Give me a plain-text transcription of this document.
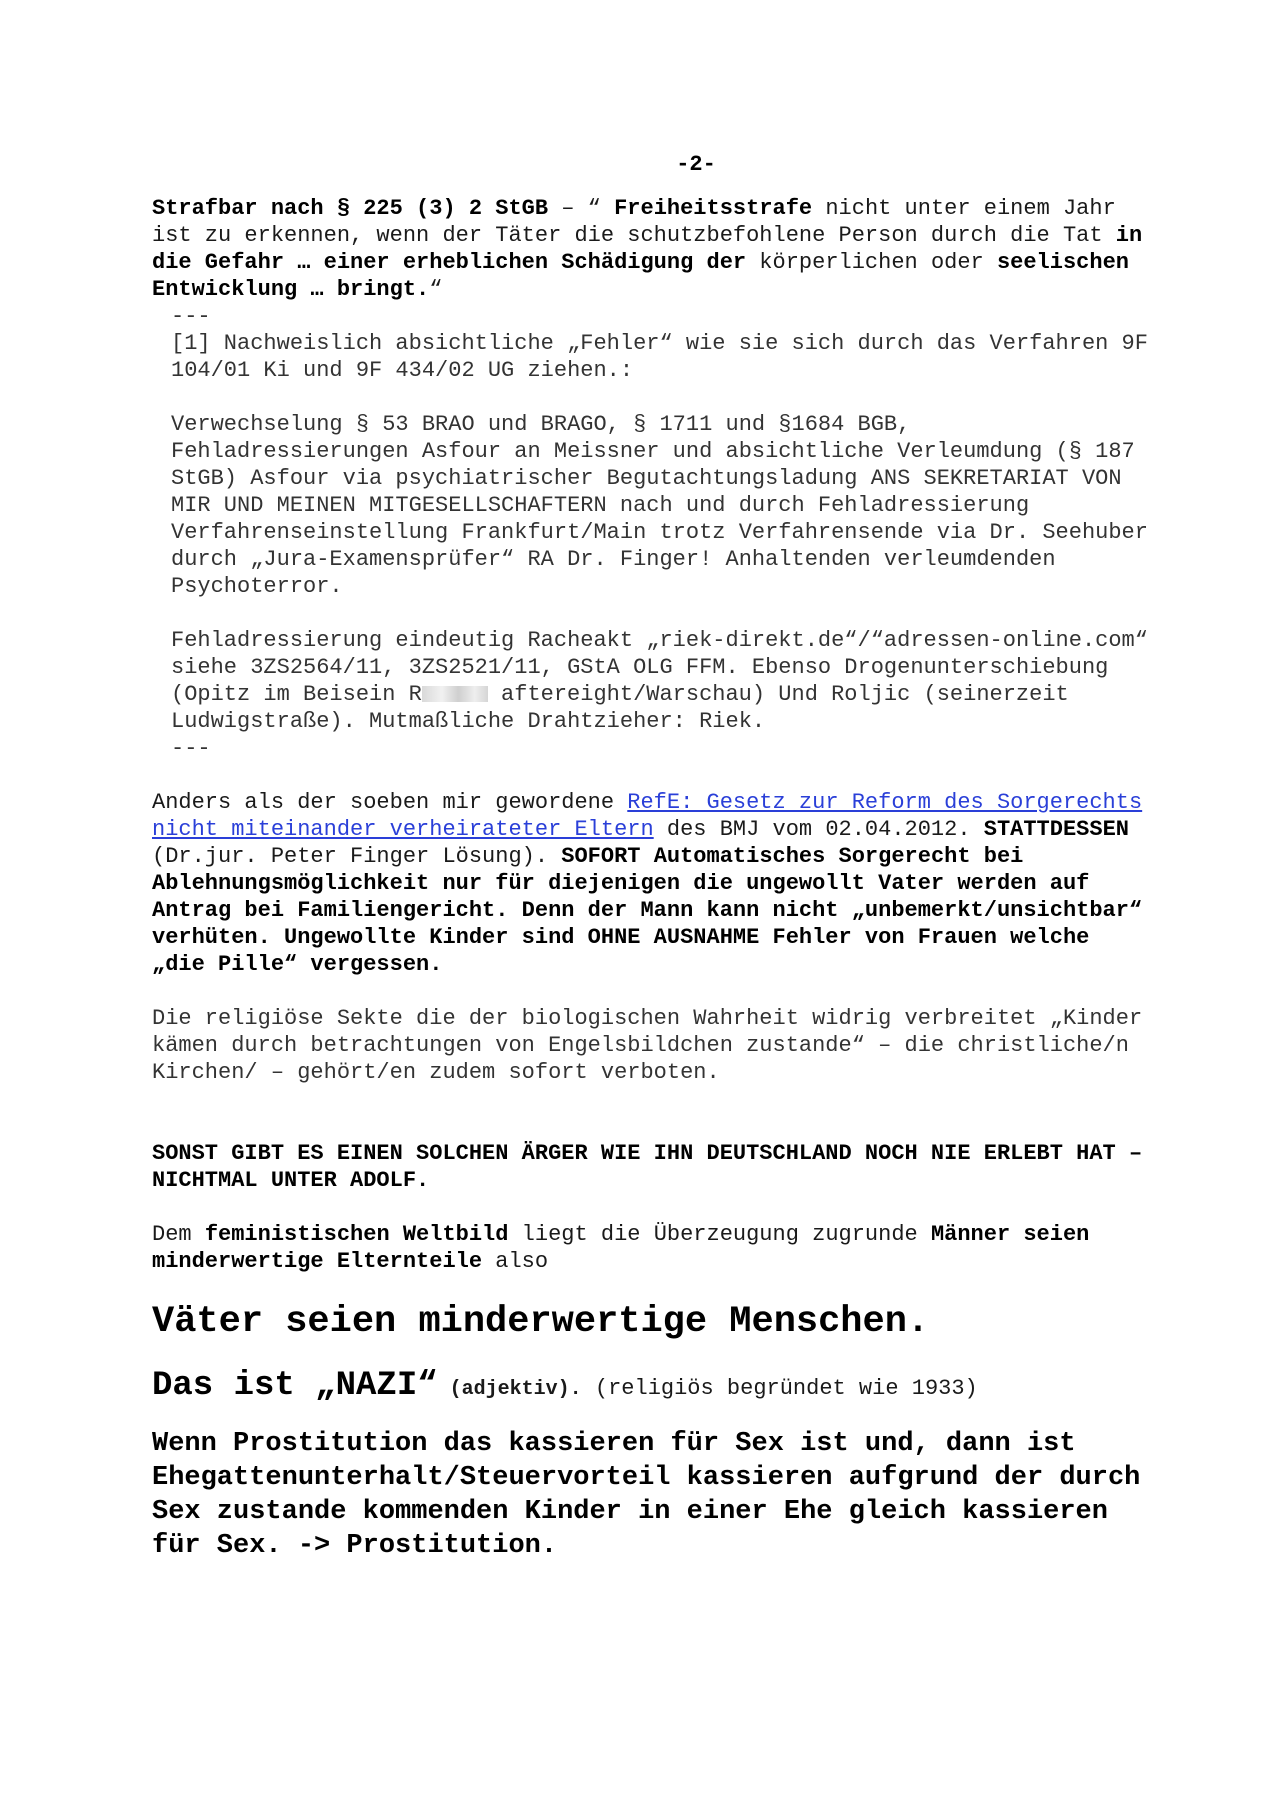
-2-

Strafbar nach § 225 (3) 2 StGB – “ Freiheitsstrafe nicht unter einem Jahr ist zu erkennen, wenn der Täter die schutzbefohlene Person durch die Tat in die Gefahr … einer erheblichen Schädigung der körperlichen oder seelischen Entwicklung … bringt.“

---

[1] Nachweislich absichtliche „Fehler“ wie sie sich durch das Verfahren 9F 104/01 Ki und 9F 434/02 UG ziehen.:

Verwechselung § 53 BRAO und BRAGO, § 1711 und §1684 BGB, Fehladressierungen Asfour an Meissner und absichtliche Verleumdung (§ 187 StGB) Asfour via psychiatrischer Begutachtungsladung ANS SEKRETARIAT VON MIR UND MEINEN MITGESELLSCHAFTERN nach und durch Fehladressierung Verfahrenseinstellung Frankfurt/Main trotz Verfahrensende via Dr. Seehuber durch „Jura-Examensprüfer“ RA Dr. Finger! Anhaltenden verleumdenden Psychoterror.

Fehladressierung eindeutig Racheakt „riek-direkt.de“/“adressen-online.com“ siehe 3ZS2564/11, 3ZS2521/11, GStA OLG FFM. Ebenso Drogenunterschiebung (Opitz im Beisein R	aftereight/Warschau) Und Roljic (seinerzeit Ludwigstraße). Mutmaßliche Drahtzieher: Riek.

---

Anders als der soeben mir gewordene RefE: Gesetz zur Reform des Sorgerechts nicht miteinander verheirateter Eltern des BMJ vom 02.04.2012. STATTDESSEN (Dr.jur. Peter Finger Lösung). SOFORT Automatisches Sorgerecht bei Ablehnungsmöglichkeit nur für diejenigen die ungewollt Vater werden auf Antrag bei Familiengericht. Denn der Mann kann nicht „unbemerkt/unsichtbar“ verhüten. Ungewollte Kinder sind OHNE AUSNAHME Fehler von Frauen welche „die Pille“ vergessen.

Die religiöse Sekte die der biologischen Wahrheit widrig verbreitet „Kinder kämen durch betrachtungen von Engelsbildchen zustande“ – die christliche/n Kirchen/ – gehört/en zudem sofort verboten.

SONST GIBT ES EINEN SOLCHEN ÄRGER WIE IHN DEUTSCHLAND NOCH NIE ERLEBT HAT – NICHTMAL UNTER ADOLF.

Dem feministischen Weltbild liegt die Überzeugung zugrunde Männer seien minderwertige Elternteile also

Väter seien minderwertige Menschen.

Das ist „NAZI“ (adjektiv). (religiös begründet wie 1933)

Wenn Prostitution das kassieren für Sex ist und, dann ist Ehegattenunterhalt/Steuervorteil kassieren aufgrund der durch Sex zustande kommenden Kinder in einer Ehe gleich kassieren für Sex. -> Prostitution.
